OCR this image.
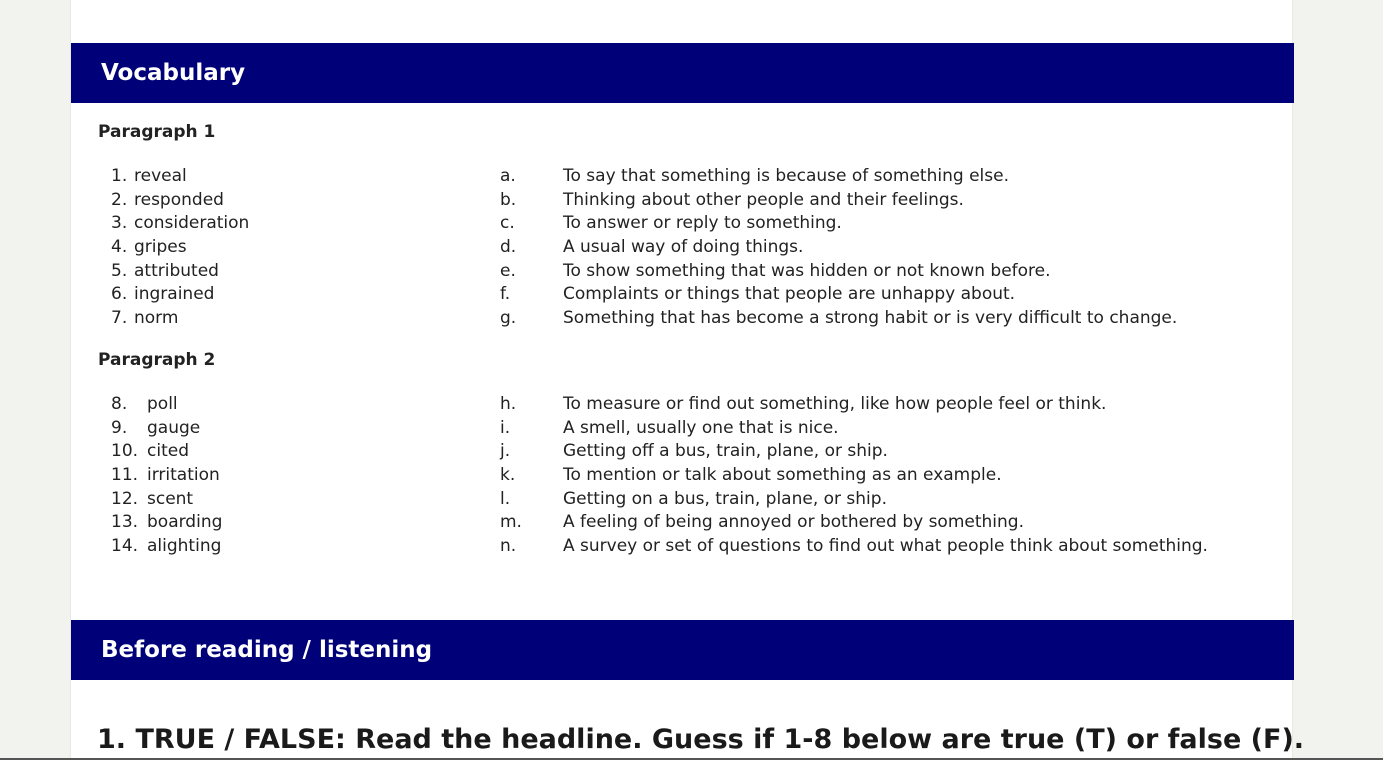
Vocabulary
Paragraph 1
1. reveal	a.	To say that something is because of something else.
2. responded	b.	Thinking about other people and their feelings.
3. consideration	c.	To answer or reply to something.
4. gripes	d.	A usual way of doing things.
5. attributed	e.	To show something that was hidden or not known before.
6. ingrained	f.	Complaints or things that people are unhappy about.
7. norm	g.	Something that has become a strong habit or is very difficult to change.
Paragraph 2
8. poll	h.	To measure or find out something, like how people feel or think.
9. gauge	i.	A smell, usually one that is nice.
10. cited	j.	Getting off a bus, train, plane, or ship.
11. irritation	k.	To mention or talk about something as an example.
12. scent	l.	Getting on a bus, train, plane, or ship.
13. boarding	m. A feeling of being annoyed or bothered by something.
14. alighting	n.	A survey or set of questions to find out what people think about something.
Before reading / listening
1. TRUE / FALSE: Read the headline. Guess if 1-8 below are true (T) or false (F).
